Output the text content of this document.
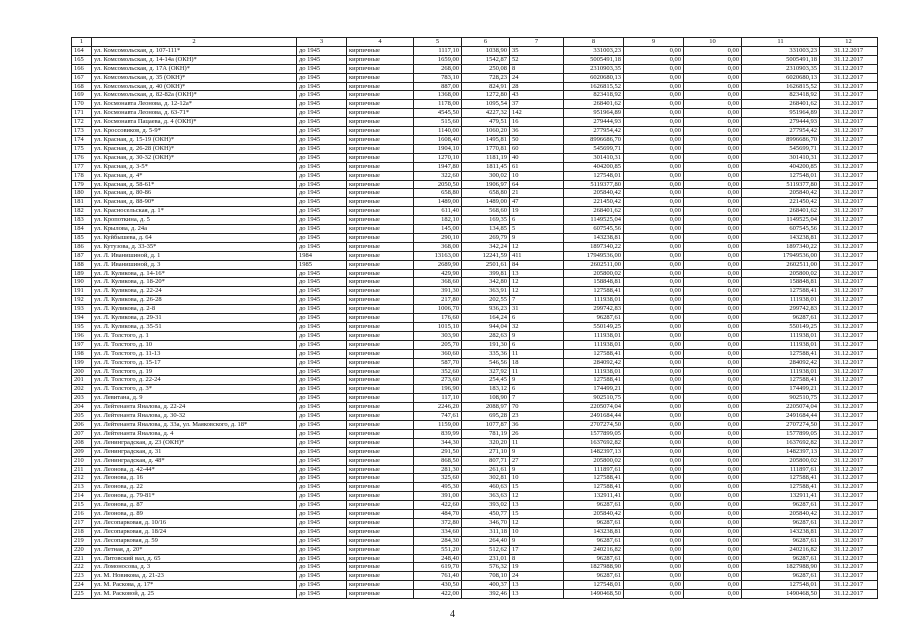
1	2	3	4	5	6	7	8	9	10	11	12
164	ул. Комсомольская, д. 107-111*	до 1945	кирпичные	1117,10	1038,90	35	331003,23	0,00	0,00	331003,23	31.12.2017
165	ул. Комсомольская, д. 14-14а (ОКН)*	до 1945	кирпичные	1659,00	1542,87	52	5005491,18	0,00	0,00	5005491,18	31.12.2017
166	ул. Комсомольская, д. 17А (ОКН)*	до 1945	кирпичные	268,00	250,08	8	2310903,35	0,00	0,00	2310903,35	31.12.2017
167	ул. Комсомольская, д. 35 (ОКН)*	до 1945	кирпичные	783,10	728,23	24	6020680,13	0,00	0,00	6020680,13	31.12.2017
168	ул. Комсомольская, д. 40 (ОКН)*	до 1945	кирпичные	887,00	824,91	28	1626815,52	0,00	0,00	1626815,52	31.12.2017
169	ул. Комсомольская, д. 82-82а (ОКН)*	до 1945	кирпичные	1368,00	1272,80	43	823418,92	0,00	0,00	823418,92	31.12.2017
170	ул. Космонавта Леонова, д. 12-12а*	до 1945	кирпичные	1178,00	1095,54	37	268401,62	0,00	0,00	268401,62	31.12.2017
171	ул. Космонавта Леонова, д. 63-71*	до 1945	кирпичные	4545,50	4227,32	142	951964,89	0,00	0,00	951964,89	31.12.2017
172	ул. Космонавта Пацаева, д. 4 (ОКН)*	до 1945	кирпичные	515,60	479,51	16	279444,93	0,00	0,00	279444,93	31.12.2017
173	ул. Кроссовиков, д. 5-9*	до 1945	кирпичные	1140,00	1060,20	36	277954,42	0,00	0,00	277954,42	31.12.2017
174	ул. Красная, д. 15-19 (ОКН)*	до 1945	кирпичные	1608,40	1495,81	50	8996686,70	0,00	0,00	8996686,70	31.12.2017
175	ул. Красная, д. 26-28 (ОКН)*	до 1945	кирпичные	1904,10	1770,81	60	545699,71	0,00	0,00	545699,71	31.12.2017
176	ул. Красная, д. 30-32 (ОКН)*	до 1945	кирпичные	1270,10	1181,19	40	301410,31	0,00	0,00	301410,31	31.12.2017
177	ул. Красная, д. 3-5*	до 1945	кирпичные	1947,80	1811,45	61	404200,85	0,00	0,00	404200,85	31.12.2017
178	ул. Красная, д. 4*	до 1945	кирпичные	322,60	300,02	10	127548,01	0,00	0,00	127548,01	31.12.2017
179	ул. Красная, д. 58-61*	до 1945	кирпичные	2050,50	1906,97	64	5119377,80	0,00	0,00	5119377,80	31.12.2017
180	ул. Красная, д. 80-86	до 1945	кирпичные	658,80	658,80	21	205840,42	0,00	0,00	205840,42	31.12.2017
181	ул. Красная, д. 88-90*	до 1945	кирпичные	1489,00	1489,00	47	221450,42	0,00	0,00	221450,42	31.12.2017
182	ул. Красносельская, д. 1*	до 1945	кирпичные	611,40	568,60	19	268401,62	0,00	0,00	268401,62	31.12.2017
183	ул. Кропоткина, д. 5	до 1945	кирпичные	182,10	169,35	6	1149525,04	0,00	0,00	1149525,04	31.12.2017
184	ул. Крылова, д. 24а	до 1945	кирпичные	145,00	134,85	5	607545,56	0,00	0,00	607545,56	31.12.2017
185	ул. Куйбышева, д. 64	до 1945	кирпичные	290,10	269,79	9	143238,81	0,00	0,00	143238,81	31.12.2017
186	ул. Кутузова, д. 33-35*	до 1945	кирпичные	368,00	342,24	12	1897340,22	0,00	0,00	1897340,22	31.12.2017
187	ул. Л. Иванишиной, д. 1	1984	кирпичные	13163,00	12241,59	411	17949536,00	0,00	0,00	17949536,00	31.12.2017
188	ул. Л. Иванишиной, д. 3	1985	кирпичные	2689,90	2501,61	84	2602511,00	0,00	0,00	2602511,00	31.12.2017
189	ул. Л. Куликова, д. 14-16*	до 1945	кирпичные	429,90	399,81	13	205800,02	0,00	0,00	205800,02	31.12.2017
190	ул. Л. Куликова, д. 18-20*	до 1945	кирпичные	368,60	342,80	12	158848,81	0,00	0,00	158848,81	31.12.2017
191	ул. Л. Куликова, д. 22-24	до 1945	кирпичные	391,30	363,91	12	127588,41	0,00	0,00	127588,41	31.12.2017
192	ул. Л. Куликова, д. 26-28	до 1945	кирпичные	217,80	202,55	7	111938,01	0,00	0,00	111938,01	31.12.2017
193	ул. Л. Куликова, д. 2-8	до 1945	кирпичные	1006,70	936,23	31	299742,83	0,00	0,00	299742,83	31.12.2017
194	ул. Л. Куликова, д. 29-31	до 1945	кирпичные	176,60	164,24	6	96287,61	0,00	0,00	96287,61	31.12.2017
195	ул. Л. Куликова, д. 35-51	до 1945	кирпичные	1015,10	944,04	32	550149,25	0,00	0,00	550149,25	31.12.2017
196	ул. Л. Толстого, д. 1	до 1945	кирпичные	303,90	282,63	9	111938,01	0,00	0,00	111938,01	31.12.2017
197	ул. Л. Толстого, д. 10	до 1945	кирпичные	205,70	191,30	6	111938,01	0,00	0,00	111938,01	31.12.2017
198	ул. Л. Толстого, д. 11-13	до 1945	кирпичные	360,60	335,36	11	127588,41	0,00	0,00	127588,41	31.12.2017
199	ул. Л. Толстого, д. 15-17	до 1945	кирпичные	587,70	546,56	18	284092,42	0,00	0,00	284092,42	31.12.2017
200	ул. Л. Толстого, д. 19	до 1945	кирпичные	352,60	327,92	11	111938,01	0,00	0,00	111938,01	31.12.2017
201	ул. Л. Толстого, д. 22-24	до 1945	кирпичные	273,60	254,45	9	127588,41	0,00	0,00	127588,41	31.12.2017
202	ул. Л. Толстого, д. 3*	до 1945	кирпичные	196,90	183,12	6	174499,21	0,00	0,00	174499,21	31.12.2017
203	ул. Левитана, д. 9	до 1945	кирпичные	117,10	108,90	7	902510,75	0,00	0,00	902510,75	31.12.2017
204	ул. Лейтенанта Яналова, д. 22-24	до 1945	кирпичные	2246,20	2088,97	70	2205074,04	0,00	0,00	2205074,04	31.12.2017
205	ул. Лейтенанта Яналова, д. 30-32	до 1945	кирпичные	747,61	695,28	23	2491684,44	0,00	0,00	2491684,44	31.12.2017
206	ул. Лейтенанта Яналова, д. 33а, ул. Маяковского, д. 18*	до 1945	кирпичные	1159,00	1077,87	36	2707274,50	0,00	0,00	2707274,50	31.12.2017
207	ул. Лейтенанта Яналова, д. 4	до 1945	кирпичные	839,99	781,19	26	1577899,05	0,00	0,00	1577899,05	31.12.2017
208	ул. Ленинградская, д. 23 (ОКН)*	до 1945	кирпичные	344,30	320,20	11	1637692,82	0,00	0,00	1637692,82	31.12.2017
209	ул. Ленинградская, д. 31	до 1945	кирпичные	291,50	271,10	9	1482397,13	0,00	0,00	1482397,13	31.12.2017
210	ул. Ленинградская, д. 48*	до 1945	кирпичные	868,50	807,71	27	205800,02	0,00	0,00	205800,02	31.12.2017
211	ул. Леонова, д. 42-44*	до 1945	кирпичные	281,30	261,61	9	111897,61	0,00	0,00	111897,61	31.12.2017
212	ул. Леонова, д. 16	до 1945	кирпичные	325,60	302,81	10	127588,41	0,00	0,00	127588,41	31.12.2017
213	ул. Леонова, д. 22	до 1945	кирпичные	495,30	460,63	15	127588,41	0,00	0,00	127588,41	31.12.2017
214	ул. Леонова, д. 79-81*	до 1945	кирпичные	391,00	363,63	12	132911,41	0,00	0,00	132911,41	31.12.2017
215	ул. Леонова, д. 87	до 1945	кирпичные	422,60	393,02	13	96287,61	0,00	0,00	96287,61	31.12.2017
216	ул. Леонова, д. 89	до 1945	кирпичные	484,70	450,77	15	205840,42	0,00	0,00	205840,42	31.12.2017
217	ул. Лесопарковая, д. 10/16	до 1945	кирпичные	372,80	346,70	12	96287,61	0,00	0,00	96287,61	31.12.2017
218	ул. Лесопарковая, д. 18/24	до 1945	кирпичные	334,60	311,18	10	143238,81	0,00	0,00	143238,81	31.12.2017
219	ул. Лесопарковая, д. 59	до 1945	кирпичные	284,30	264,40	9	96287,61	0,00	0,00	96287,61	31.12.2017
220	ул. Летная, д. 20*	до 1945	кирпичные	551,20	512,62	17	240216,82	0,00	0,00	240216,82	31.12.2017
221	ул. Литовский вал, д. 65	до 1945	кирпичные	248,40	231,01	8	96287,61	0,00	0,00	96287,61	31.12.2017
222	ул. Ломоносова, д. 3	до 1945	кирпичные	619,70	576,32	19	1827988,90	0,00	0,00	1827988,90	31.12.2017
223	ул. М. Новикова, д. 21-23	до 1945	кирпичные	761,40	708,10	24	96287,61	0,00	0,00	96287,61	31.12.2017
224	ул. М. Раскова, д. 17*	до 1945	кирпичные	430,50	400,37	13	127548,01	0,00	0,00	127548,01	31.12.2017
225	ул. М. Расковой, д. 25	до 1945	кирпичные	422,00	392,46	13	1490468,50	0,00	0,00	1490468,50	31.12.2017
4
